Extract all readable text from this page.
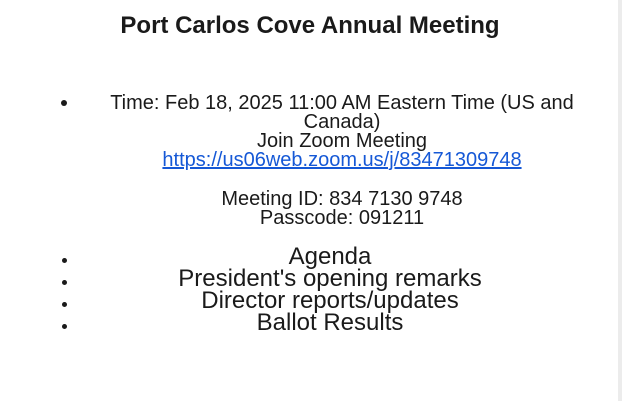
Port Carlos Cove Annual Meeting
Time: Feb 18, 2025 11:00 AM Eastern Time (US and
Canada)
Join Zoom Meeting
https://us06web.zoom.us/j/83471309748
Meeting ID: 834 7130 9748
Passcode: 091211
Agenda
President's opening remarks
Director reports/updates
Ballot Results
